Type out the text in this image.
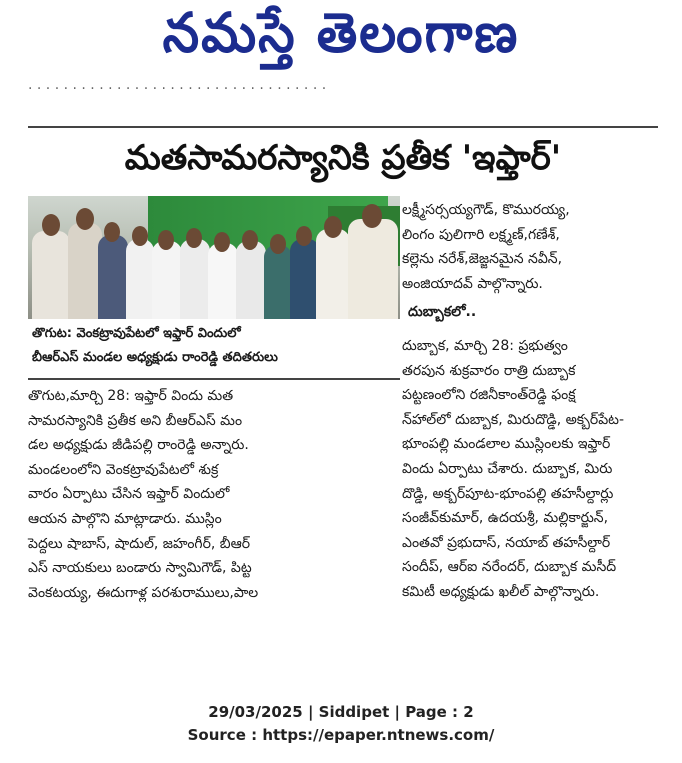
నమస్తే తెలంగాణ
· · · · · · · · · · · · · · · · · · · · · · · · · · · · · · · · · ·
మతసామరస్యానికి ప్రతీక 'ఇఫ్తార్'
తొగుట: వెంకట్రావుపేటలో ఇఫ్తార్ విందులో
బీఆర్ఎస్ మండల అధ్యక్షుడు రాంరెడ్డి తదితరులు
తొగుట,మార్చి 28: ఇఫ్తార్ విందు మత
సామరస్యానికి ప్రతీక అని బీఆర్ఎస్ మం
డల అధ్యక్షుడు జీడిపల్లి రాంరెడ్డి అన్నారు.
మండలంలోని వెంకట్రావుపేటలో శుక్ర
వారం ఏర్పాటు చేసిన ఇఫ్తార్ విందులో
ఆయన పాల్గొని మాట్లాడారు. ముస్లిం
పెద్దలు షాబాస్, షాదుల్, జహంగీర్, బీఆర్
ఎస్ నాయకులు బండారు స్వామిగౌడ్, పిట్ట
వెంకటయ్య, ఈదుగాళ్ల పరశురాములు,పాల
లక్ష్మీసర్సయ్యగౌడ్, కొమురయ్య,
లింగం పులిగారి లక్ష్మణ్,గణేశ్,
కల్లెను నరేశ్,జెజ్జనమైన నవీన్,
అంజియాదవ్ పాల్గొన్నారు.
దుబ్బాకలో..
దుబ్బాక, మార్చి 28: ప్రభుత్వం
తరపున శుక్రవారం రాత్రి దుబ్బాక
పట్టణంలోని రజినీకాంత్‌రెడ్డి ఫంక్ష
న్‌హాల్‌లో దుబ్బాక, మిరుదొడ్డి, అక్బర్‌పేట-
భూంపల్లి మండలాల ముస్లింలకు ఇఫ్తార్
విందు ఏర్పాటు చేశారు. దుబ్బాక, మిరు
దొడ్డి, అక్బర్‌పూట-భూంపల్లి తహసీల్దార్లు
సంజీవ్‌కుమార్, ఉదయశ్రీ, మల్లికార్జున్,
ఎంతవో ప్రభుదాస్, నయాబ్ తహసీల్దార్
సందీప్, ఆర్ఐ నరేందర్, దుబ్బాక మసీద్
కమిటీ అధ్యక్షుడు ఖలీల్ పాల్గొన్నారు.
29/03/2025 | Siddipet | Page : 2
Source : https://epaper.ntnews.com/
